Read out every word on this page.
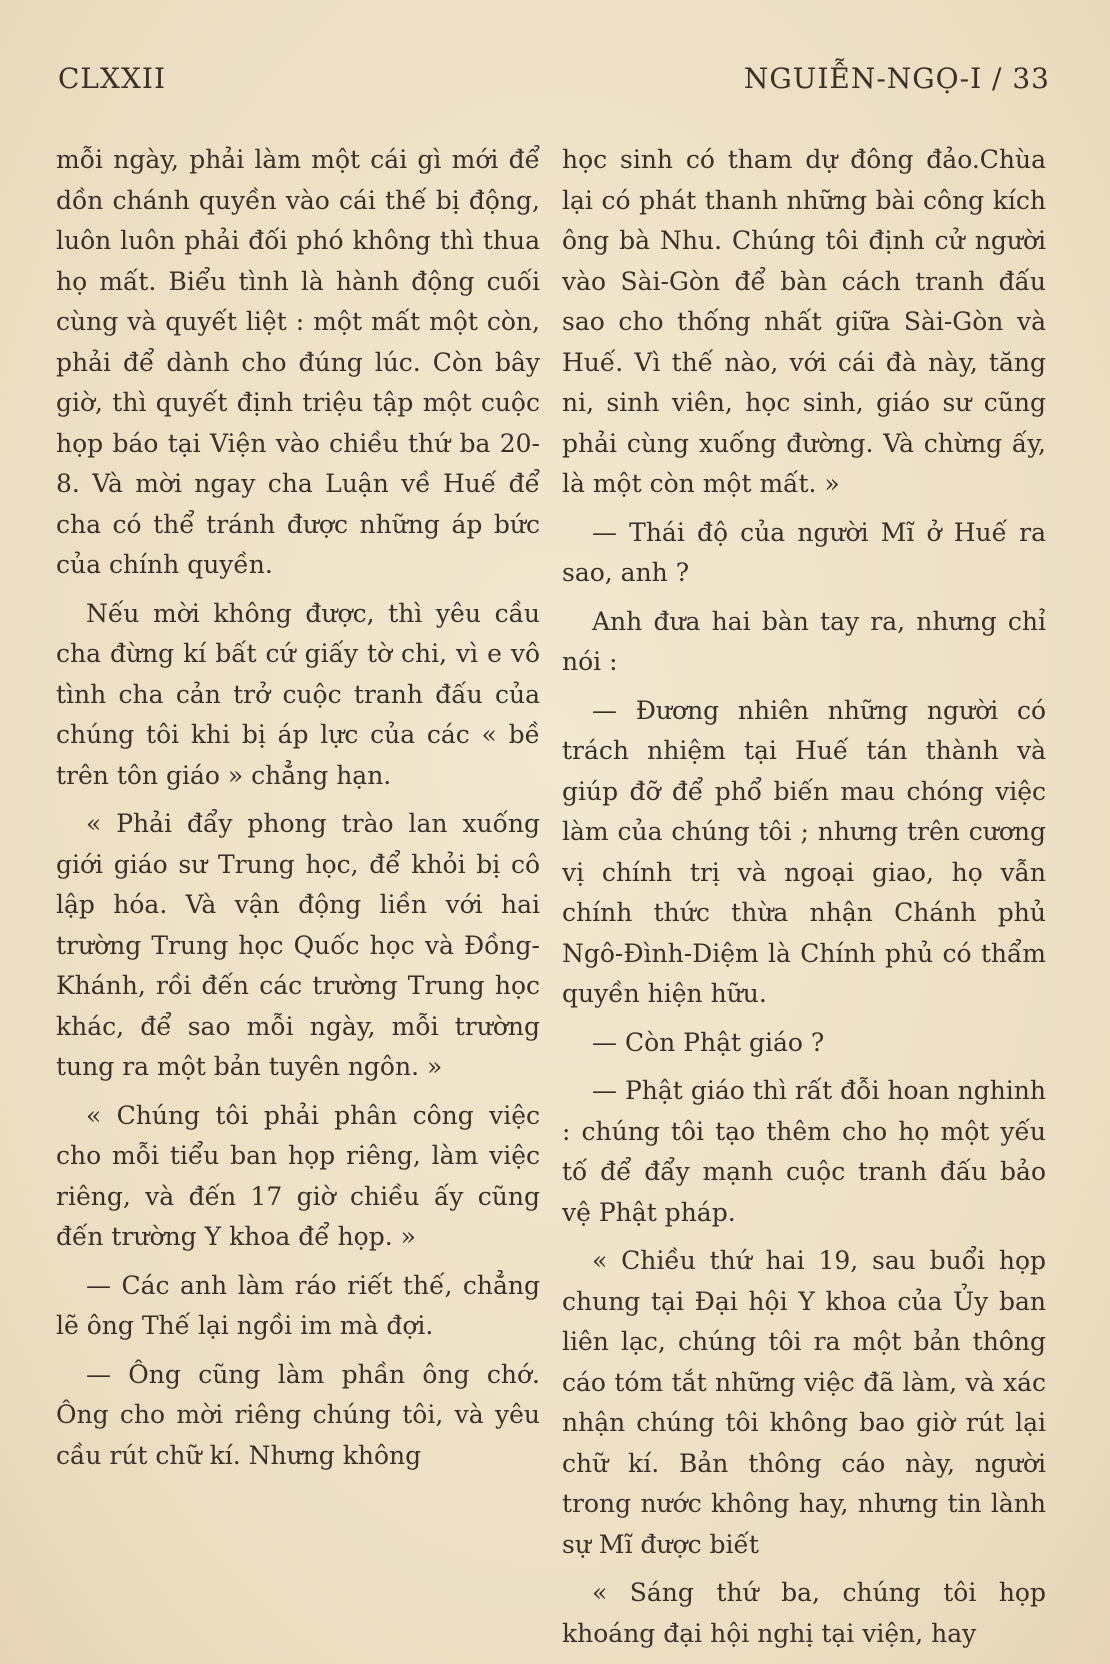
CLXXII	NGUIỄN-NGỌ-I / 33

mỗi ngày, phải làm một cái gì mới để dồn chánh quyền vào cái thế bị động, luôn luôn phải đối phó không thì thua họ mất. Biểu tình là hành động cuối cùng và quyết liệt : một mất một còn, phải để dành cho đúng lúc. Còn bây giờ, thì quyết định triệu tập một cuộc họp báo tại Viện vào chiều thứ ba 20-8. Và mời ngay cha Luận về Huế để cha có thể tránh được những áp bức của chính quyền.

Nếu mời không được, thì yêu cầu cha đừng kí bất cứ giấy tờ chi, vì e vô tình cha cản trở cuộc tranh đấu của chúng tôi khi bị áp lực của các « bề trên tôn giáo » chẳng hạn.

« Phải đẩy phong trào lan xuống giới giáo sư Trung học, để khỏi bị cô lập hóa. Và vận động liền với hai trường Trung học Quốc học và Đồng-Khánh, rồi đến các trường Trung học khác, để sao mỗi ngày, mỗi trường tung ra một bản tuyên ngôn. »

« Chúng tôi phải phân công việc cho mỗi tiểu ban họp riêng, làm việc riêng, và đến 17 giờ chiều ấy cũng đến trường Y khoa để họp. »

— Các anh làm ráo riết thế, chẳng lẽ ông Thế lại ngồi im mà đợi.

— Ông cũng làm phần ông chớ. Ông cho mời riêng chúng tôi, và yêu cầu rút chữ kí. Nhưng không

học sinh có tham dự đông đảo.Chùa lại có phát thanh những bài công kích ông bà Nhu. Chúng tôi định cử người vào Sài-Gòn để bàn cách tranh đấu sao cho thống nhất giữa Sài-Gòn và Huế. Vì thế nào, với cái đà này, tăng ni, sinh viên, học sinh, giáo sư cũng phải cùng xuống đường. Và chừng ấy, là một còn một mất. »

— Thái độ của người Mĩ ở Huế ra sao, anh ?

Anh đưa hai bàn tay ra, nhưng chỉ nói :

— Đương nhiên những người có trách nhiệm tại Huế tán thành và giúp đỡ để phổ biến mau chóng việc làm của chúng tôi ; nhưng trên cương vị chính trị và ngoại giao, họ vẫn chính thức thừa nhận Chánh phủ Ngô-Đình-Diệm là Chính phủ có thẩm quyền hiện hữu.

— Còn Phật giáo ?

— Phật giáo thì rất đỗi hoan nghinh : chúng tôi tạo thêm cho họ một yếu tố để đẩy mạnh cuộc tranh đấu bảo vệ Phật pháp.

« Chiều thứ hai 19, sau buổi họp chung tại Đại hội Y khoa của Ủy ban liên lạc, chúng tôi ra một bản thông cáo tóm tắt những việc đã làm, và xác nhận chúng tôi không bao giờ rút lại chữ kí. Bản thông cáo này, người trong nước không hay, nhưng tin lành sự Mĩ được biết

« Sáng thứ ba, chúng tôi họp khoáng đại hội nghị tại viện, hay
